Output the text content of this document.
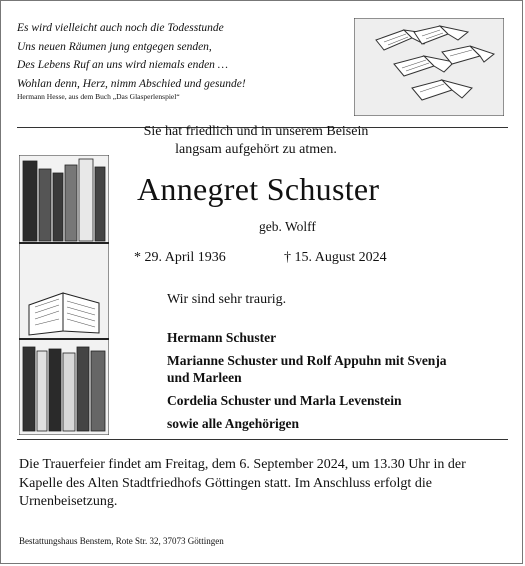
Es wird vielleicht auch noch die Todesstunde
Uns neuen Räumen jung entgegen senden,
Des Lebens Ruf an uns wird niemals enden …
Wohlan denn, Herz, nimm Abschied und gesunde!
Hermann Hesse, aus dem Buch „Das Glasperlenspiel“
Sie hat friedlich und in unserem Beisein
langsam aufgehört zu atmen.
Annegret Schuster
geb. Wolff
* 29. April 1936	† 15. August 2024
Wir sind sehr traurig.
Hermann Schuster
Marianne Schuster und Rolf Appuhn mit Svenja und Marleen
Cordelia Schuster und Marla Levenstein
sowie alle Angehörigen
Die Trauerfeier findet am Freitag, dem 6. September 2024, um 13.30 Uhr in der Kapelle des Alten Stadtfriedhofs Göttingen statt. Im Anschluss erfolgt die Urnenbeisetzung.
Bestattungshaus Benstem, Rote Str. 32, 37073 Göttingen
